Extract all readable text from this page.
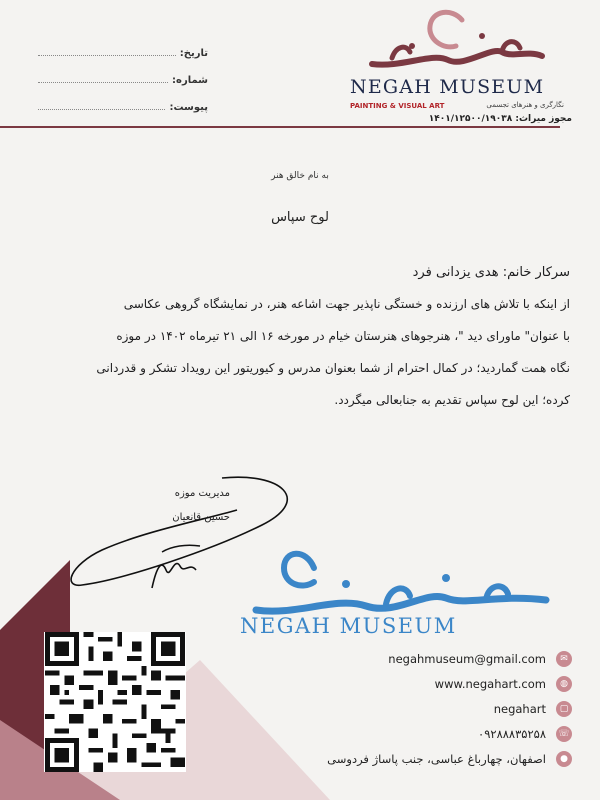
تاریخ:
شماره:
پیوست:
NEGAH MUSEUM
PAINTING & VISUAL ART	نگارگری و هنرهای تجسمی
مجوز میراث: ۱۴۰۱/۱۲۵۰۰/۱۹۰۳۸
به نام خالق هنر
لوح سپاس
سرکار خانم: هدی یزدانی فرد
از اینکه با تلاش های ارزنده و خستگی ناپذیر جهت اشاعه هنر، در نمایشگاه گروهی عکاسی
با عنوان" ماورای دید "، هنرجوهای هنرستان خیام در مورخه ۱۶ الی ۲۱ تیرماه ۱۴۰۲ در موزه
نگاه همت گماردید؛ در کمال احترام از شما بعنوان مدرس و کیوریتور این رویداد تشکر و قدردانی
کرده؛ این لوح سپاس تقدیم به جنابعالی میگردد.
مدیریت موزه
حسین قانعیان
NEGAH MUSEUM
✉
negahmuseum@gmail.com
◍
www.negahart.com
▢
negahart
☏
۰۹۲۸۸۸۳۵۲۵۸
●
اصفهان، چهارباغ عباسی، جنب پاساژ فردوسی
